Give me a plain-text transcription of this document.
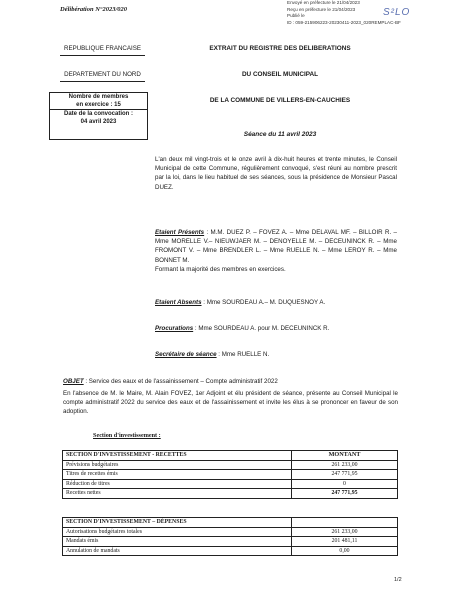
Délibération N°2023/020
Envoyé en préfecture le 21/04/2023
Reçu en préfecture le 21/04/2023
Publié le
ID : 059-215906223-20230411-2023_020REMPLAC-BF
S²LO
REPUBLIQUE FRANCAISE
DEPARTEMENT DU NORD
Nombre de membres
en exercice : 15
Date de la convocation :
04 avril 2023
EXTRAIT DU REGISTRE DES DELIBERATIONS
DU CONSEIL MUNICIPAL
DE LA COMMUNE DE VILLERS-EN-CAUCHIES
Séance du 11 avril 2023
L'an deux mil vingt-trois et le onze avril à dix-huit heures et trente minutes, le Conseil Municipal de cette Commune, régulièrement convoqué, s'est réuni au nombre prescrit par la loi, dans le lieu habituel de ses séances, sous la présidence de Monsieur Pascal DUEZ.
Etaient Présents : M.M. DUEZ P. – FOVEZ A. – Mme DELAVAL MF. – BILLOIR R. – Mme MORELLE V.– NIEUWJAER M. – DENOYELLE M. – DECEUNINCK R. – Mme FROMONT V. – Mme BRENDLER L. – Mme RUELLE N. – Mme LEROY R. – Mme BONNET M.
Formant la majorité des membres en exercices.
Etaient Absents : Mme SOURDEAU A.– M. DUQUESNOY A.
Procurations : Mme SOURDEAU A. pour M. DECEUNINCK R.
Secrétaire de séance : Mme RUELLE N.
OBJET : Service des eaux et de l'assainissement – Compte administratif 2022
En l'absence de M. le Maire, M. Alain FOVEZ, 1er Adjoint et élu président de séance, présente au Conseil Municipal le compte administratif 2022 du service des eaux et de l'assainissement et invite les élus à se prononcer en faveur de son adoption.
Section d'investissement :
SECTION D'INVESTISSEMENT - RECETTES	MONTANT
Prévisions budgétaires	261 233,00
Titres de recettes émis	247 771,95
Réduction de titres	0
Recettes nettes	247 771,95
SECTION D'INVESTISSEMENT – DÉPENSES	
Autorisations budgétaires totales	261 233,00
Mandats émis	201 481,11
Annulation de mandats	0,00
1/2
